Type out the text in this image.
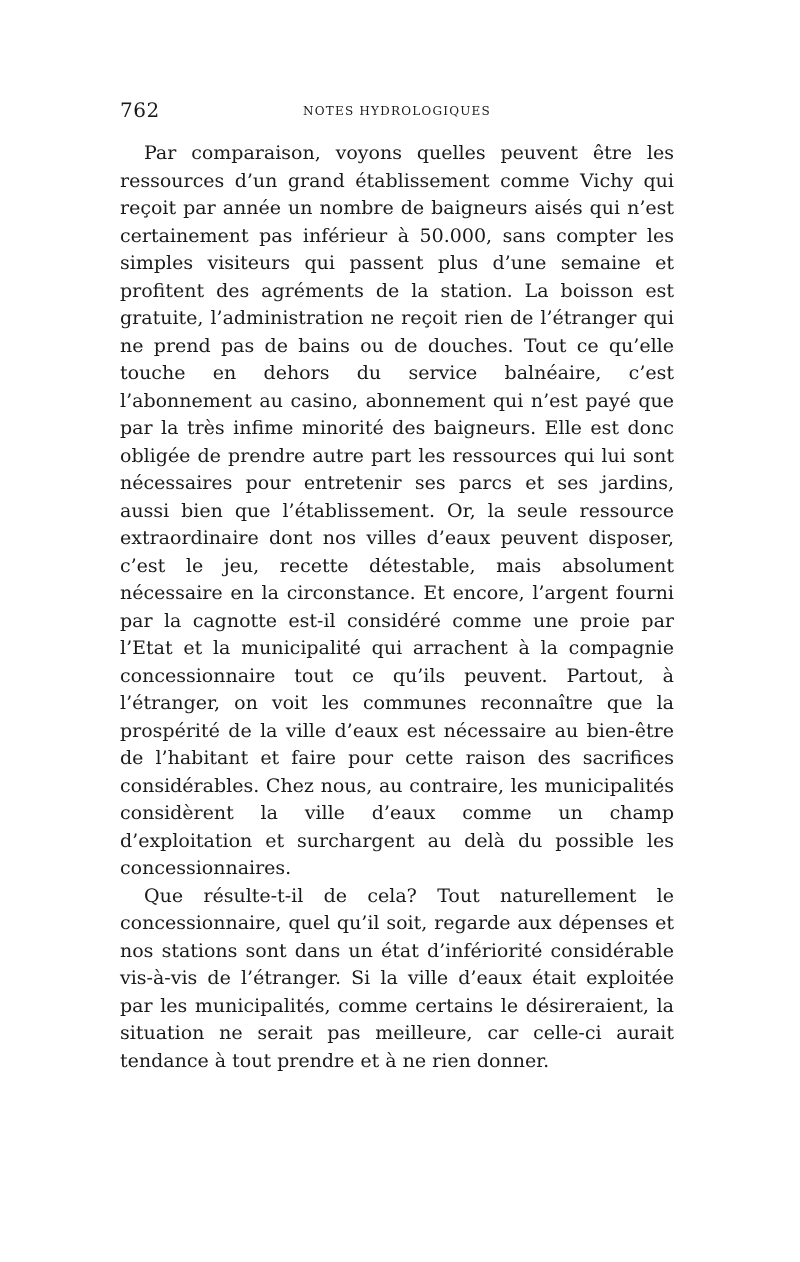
762	NOTES HYDROLOGIQUES

Par comparaison, voyons quelles peuvent être les ressources d’un grand établissement comme Vichy qui reçoit par année un nombre de baigneurs aisés qui n’est certainement pas inférieur à 50.000, sans compter les simples visiteurs qui passent plus d’une semaine et profitent des agréments de la station. La boisson est gratuite, l’administration ne reçoit rien de l’étranger qui ne prend pas de bains ou de douches. Tout ce qu’elle touche en dehors du service balnéaire, c’est l’abonnement au casino, abonnement qui n’est payé que par la très infime minorité des baigneurs. Elle est donc obligée de prendre autre part les ressources qui lui sont nécessaires pour entretenir ses parcs et ses jardins, aussi bien que l’établissement. Or, la seule ressource extraordinaire dont nos villes d’eaux peuvent disposer, c’est le jeu, recette détestable, mais absolument nécessaire en la circonstance. Et encore, l’argent fourni par la cagnotte est-il considéré comme une proie par l’Etat et la municipalité qui arrachent à la compagnie concessionnaire tout ce qu’ils peuvent. Partout, à l’étranger, on voit les communes reconnaître que la prospérité de la ville d’eaux est nécessaire au bien-être de l’habitant et faire pour cette raison des sacrifices considérables. Chez nous, au contraire, les municipalités considèrent la ville d’eaux comme un champ d’exploitation et surchargent au delà du possible les concessionnaires.

Que résulte-t-il de cela? Tout naturellement le concessionnaire, quel qu’il soit, regarde aux dépenses et nos stations sont dans un état d’infériorité considérable vis-à-vis de l’étranger. Si la ville d’eaux était exploitée par les municipalités, comme certains le désireraient, la situation ne serait pas meilleure, car celle-ci aurait tendance à tout prendre et à ne rien donner.
